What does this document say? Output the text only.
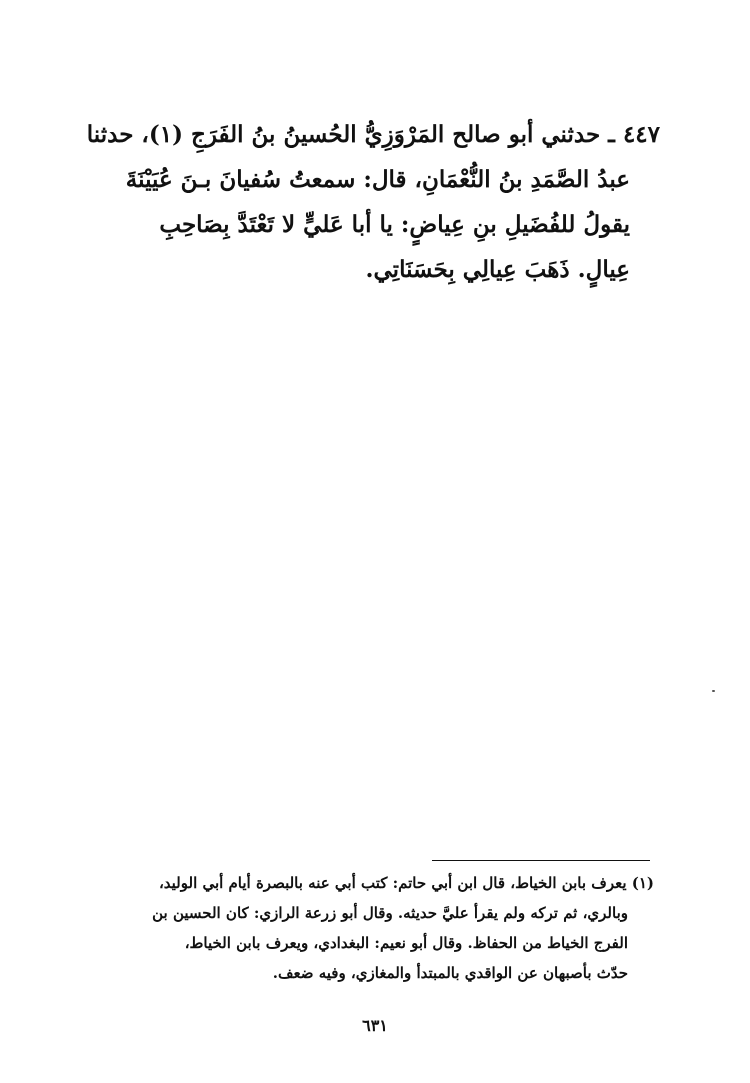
٤٤٧ ـ حدثني أبو صالح المَرْوَزِيُّ الحُسينُ بنُ الفَرَجِ (١)، حدثنا
عبدُ الصَّمَدِ بنُ النُّعْمَانِ، قال: سمعتُ سُفيانَ بـنَ عُيَيْنَةَ
يقولُ للفُضَيلِ بنِ عِياضٍ: يا أبا عَليٍّ لا تَعْتَدَّ بِصَاحِبِ
عِيالٍ. ذَهَبَ عِيالِي بِحَسَنَاتِي.
(١) يعرف بابن الخياط، قال ابن أبي حاتم: كتب أبي عنه بالبصرة أيام أبي الوليد،
وبالري، ثم تركه ولم يقرأ عليَّ حديثه. وقال أبو زرعة الرازي: كان الحسين بن
الفرج الخياط من الحفاظ. وقال أبو نعيم: البغدادي، ويعرف بابن الخياط،
حدّث بأصبهان عن الواقدي بالمبتدأ والمغازي، وفيه ضعف.
٦٣١
